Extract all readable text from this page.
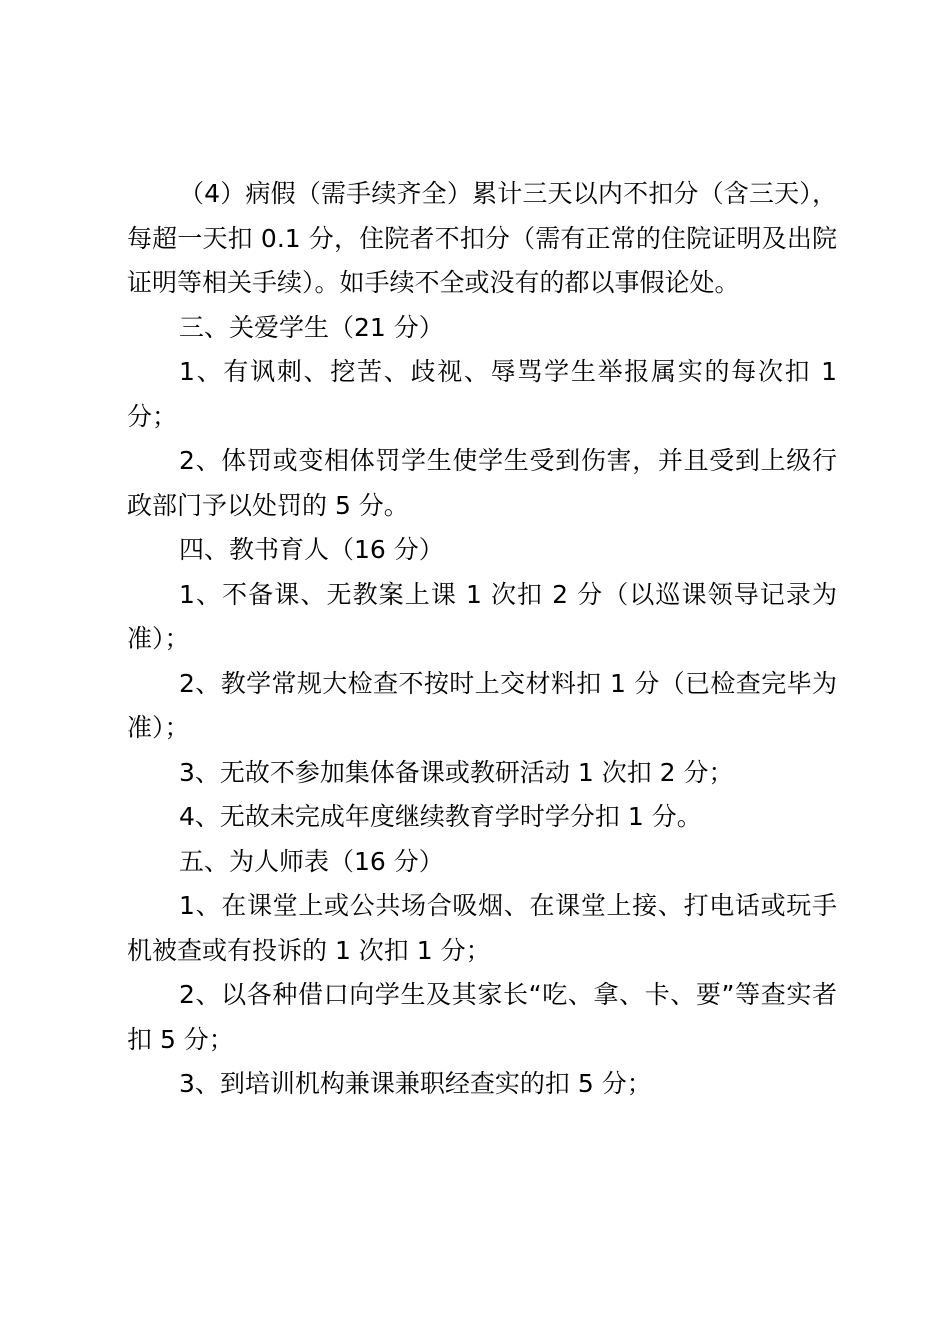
（4）病假（需手续齐全）累计三天以内不扣分（含三天），每超一天扣 0.1 分，住院者不扣分（需有正常的住院证明及出院证明等相关手续）。如手续不全或没有的都以事假论处。

三、关爱学生（21 分）

1、有讽刺、挖苦、歧视、辱骂学生举报属实的每次扣 1 分；

2、体罚或变相体罚学生使学生受到伤害，并且受到上级行政部门予以处罚的 5 分。

四、教书育人（16 分）

1、不备课、无教案上课 1 次扣 2 分（以巡课领导记录为准）；

2、教学常规大检查不按时上交材料扣 1 分（已检查完毕为准）；

3、无故不参加集体备课或教研活动 1 次扣 2 分；

4、无故未完成年度继续教育学时学分扣 1 分。

五、为人师表（16 分）

1、在课堂上或公共场合吸烟、在课堂上接、打电话或玩手机被查或有投诉的 1 次扣 1 分；

2、以各种借口向学生及其家长“吃、拿、卡、要”等查实者扣 5 分；

3、到培训机构兼课兼职经查实的扣 5 分；
